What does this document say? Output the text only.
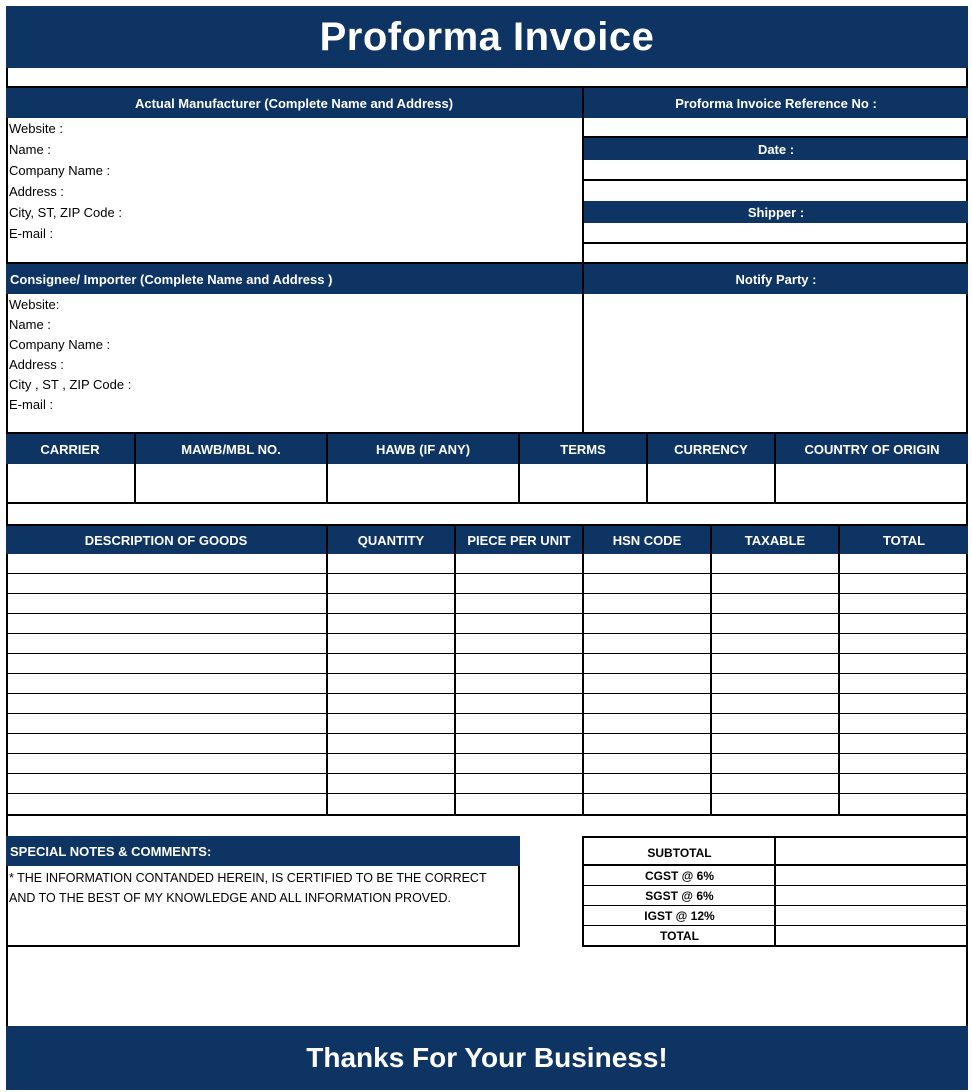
Proforma Invoice
Actual Manufacturer (Complete Name and Address)	Proforma Invoice Reference No :
Website :
Name :
Company Name :
Address :
City, ST, ZIP Code :
E-mail :
Date :
Shipper :
Consignee/ Importer (Complete Name and Address )	Notify Party :
Website:
Name :
Company Name :
Address :
City , ST , ZIP Code :
E-mail :
CARRIER	MAWB/MBL NO.	HAWB (IF ANY)	TERMS	CURRENCY	COUNTRY OF ORIGIN
DESCRIPTION OF GOODS	QUANTITY	PIECE PER UNIT	HSN CODE	TAXABLE	TOTAL
SPECIAL NOTES & COMMENTS:
* THE INFORMATION CONTANDED HEREIN, IS CERTIFIED TO BE THE CORRECT AND TO THE BEST OF MY KNOWLEDGE AND ALL INFORMATION PROVED.
SUBTOTAL
CGST @ 6%
SGST @ 6%
IGST @ 12%
TOTAL
Thanks For Your Business!
